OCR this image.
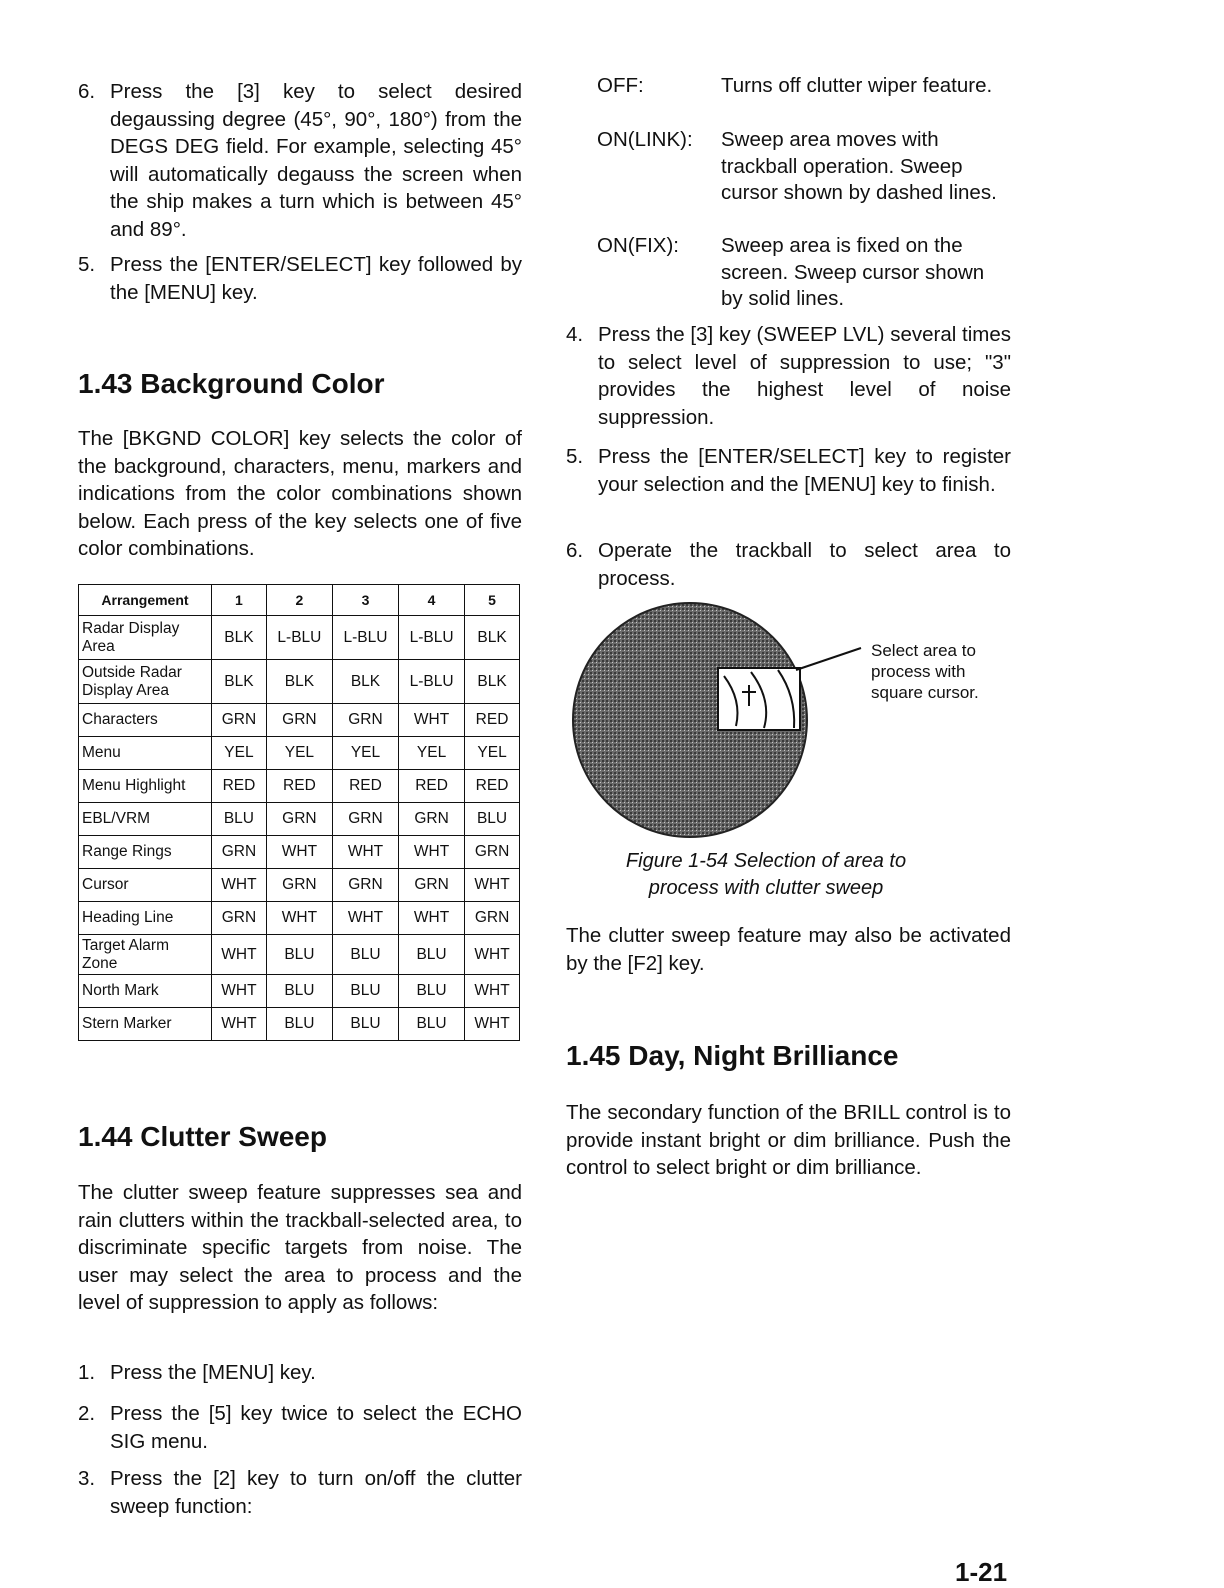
6. Press the [3] key to select desired degaussing degree (45°, 90°, 180°) from the DEGS DEG field. For example, selecting 45° will automatically degauss the screen when the ship makes a turn which is between 45° and 89°.
5. Press the [ENTER/SELECT] key followed by the [MENU] key.
1.43 Background Color

The [BKGND COLOR] key selects the color of the background, characters, menu, markers and indications from the color combinations shown below. Each press of the key selects one of five color combinations.

Arrangement	1	2	3	4	5
Radar Display Area	BLK	L-BLU	L-BLU	L-BLU	BLK
Outside Radar Display Area	BLK	BLK	BLK	L-BLU	BLK
Characters	GRN	GRN	GRN	WHT	RED
Menu	YEL	YEL	YEL	YEL	YEL
Menu Highlight	RED	RED	RED	RED	RED
EBL/VRM	BLU	GRN	GRN	GRN	BLU
Range Rings	GRN	WHT	WHT	WHT	GRN
Cursor	WHT	GRN	GRN	GRN	WHT
Heading Line	GRN	WHT	WHT	WHT	GRN
Target Alarm Zone	WHT	BLU	BLU	BLU	WHT
North Mark	WHT	BLU	BLU	BLU	WHT
Stern Marker	WHT	BLU	BLU	BLU	WHT
1.44 Clutter Sweep

The clutter sweep feature suppresses sea and rain clutters within the trackball-selected area, to discriminate specific targets from noise. The user may select the area to process and the level of suppression to apply as follows:

1. Press the [MENU] key.
2. Press the [5] key twice to select the ECHO SIG menu.
3. Press the [2] key to turn on/off the clutter sweep function:
OFF:	Turns off clutter wiper feature.
ON(LINK): Sweep area moves with trackball operation. Sweep cursor shown by dashed lines.
ON(FIX): Sweep area is fixed on the screen. Sweep cursor shown by solid lines.
4. Press the [3] key (SWEEP LVL) several times to select level of suppression to use; "3" provides the highest level of noise suppression.
5. Press the [ENTER/SELECT] key to register your selection and the [MENU] key to finish.
6. Operate the trackball to select area to process.
Select area to process with square cursor.
Figure 1-54 Selection of area to process with clutter sweep

The clutter sweep feature may also be activated by the [F2] key.

1.45 Day, Night Brilliance

The secondary function of the BRILL control is to provide instant bright or dim brilliance. Push the control to select bright or dim brilliance.

1-21
